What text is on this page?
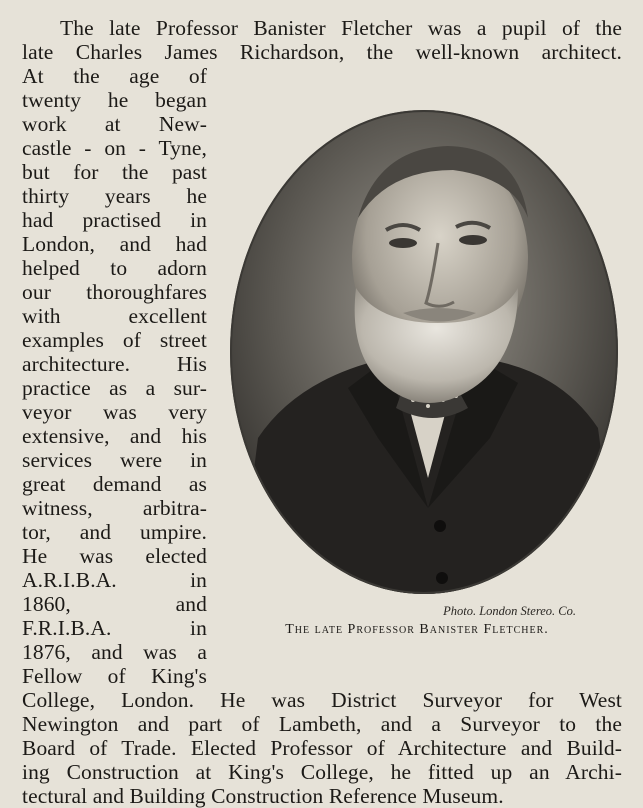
The late Professor Banister Fletcher was a pupil of the
late Charles James Richardson, the well-known architect.
At the age of
twenty he began
work at New-
castle - on - Tyne,
but for the past
thirty years he
had practised in
London, and had
helped to adorn
our thoroughfares
with excellent
examples of street
architecture. His
practice as a sur-
veyor was very
extensive, and his
services were in
great demand as
witness, arbitra-
tor, and umpire.
He was elected
A.R.I.B.A. in
1860, and
F.R.I.B.A. in
1876, and was a
Fellow of King's
College, London. He was District Surveyor for West
Newington and part of Lambeth, and a Surveyor to the
Board of Trade. Elected Professor of Architecture and Build-
ing Construction at King's College, he fitted up an Archi-
tectural and Building Construction Reference Museum.
Photo. London Stereo. Co.
The late Professor Banister Fletcher.
